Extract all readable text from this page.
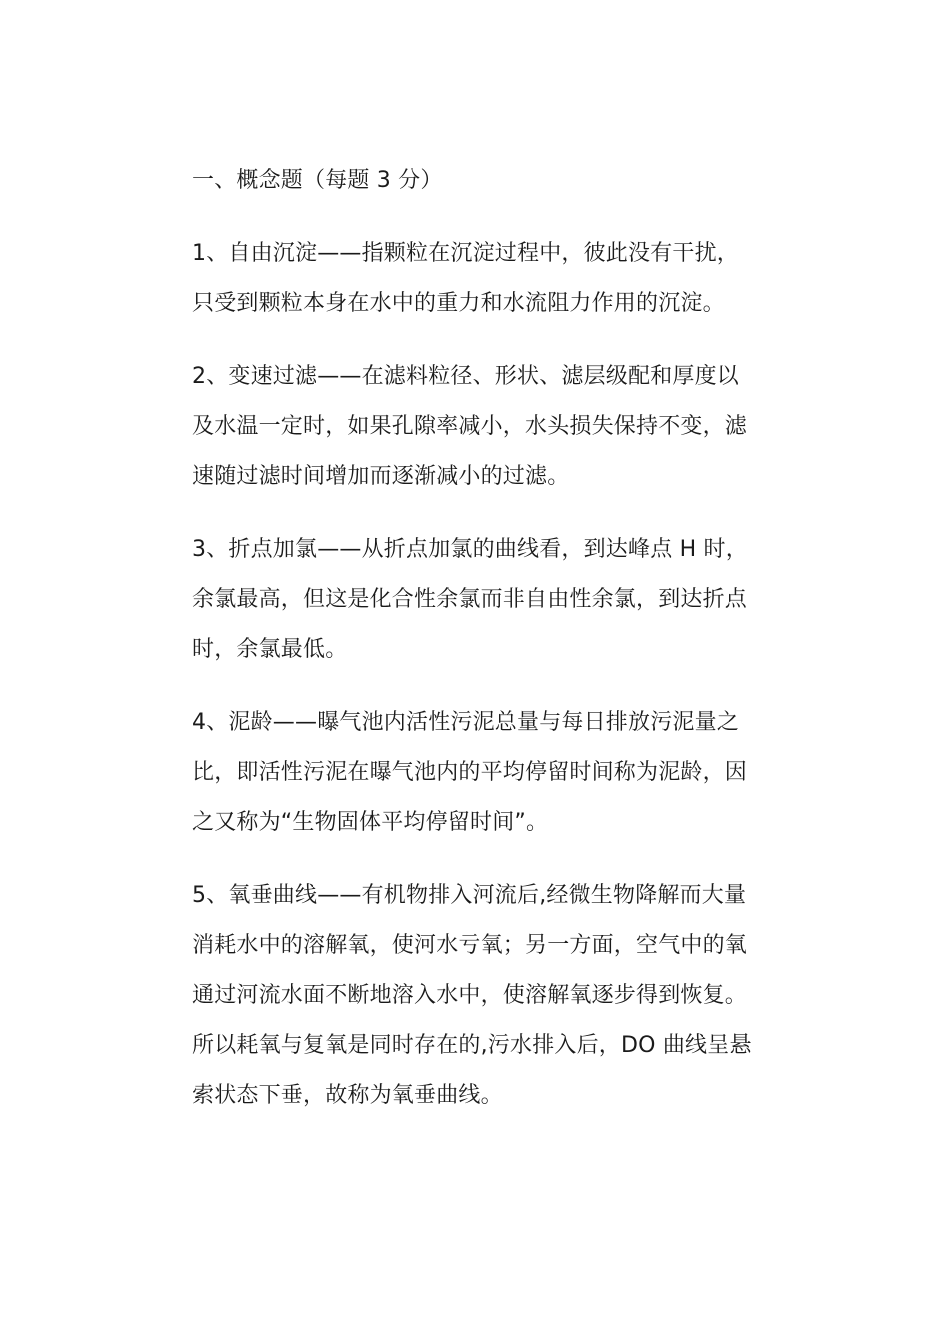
一、概念题（每题 3 分）
1、自由沉淀——指颗粒在沉淀过程中，彼此没有干扰，
只受到颗粒本身在水中的重力和水流阻力作用的沉淀。
2、变速过滤——在滤料粒径、形状、滤层级配和厚度以
及水温一定时，如果孔隙率减小，水头损失保持不变，滤
速随过滤时间增加而逐渐减小的过滤。
3、折点加氯——从折点加氯的曲线看，到达峰点 H 时，
余氯最高，但这是化合性余氯而非自由性余氯，到达折点
时，余氯最低。
4、泥龄——曝气池内活性污泥总量与每日排放污泥量之
比，即活性污泥在曝气池内的平均停留时间称为泥龄，因
之又称为“生物固体平均停留时间”。
5、氧垂曲线——有机物排入河流后,经微生物降解而大量
消耗水中的溶解氧，使河水亏氧；另一方面，空气中的氧
通过河流水面不断地溶入水中，使溶解氧逐步得到恢复。
所以耗氧与复氧是同时存在的,污水排入后，DO 曲线呈悬
索状态下垂，故称为氧垂曲线。
